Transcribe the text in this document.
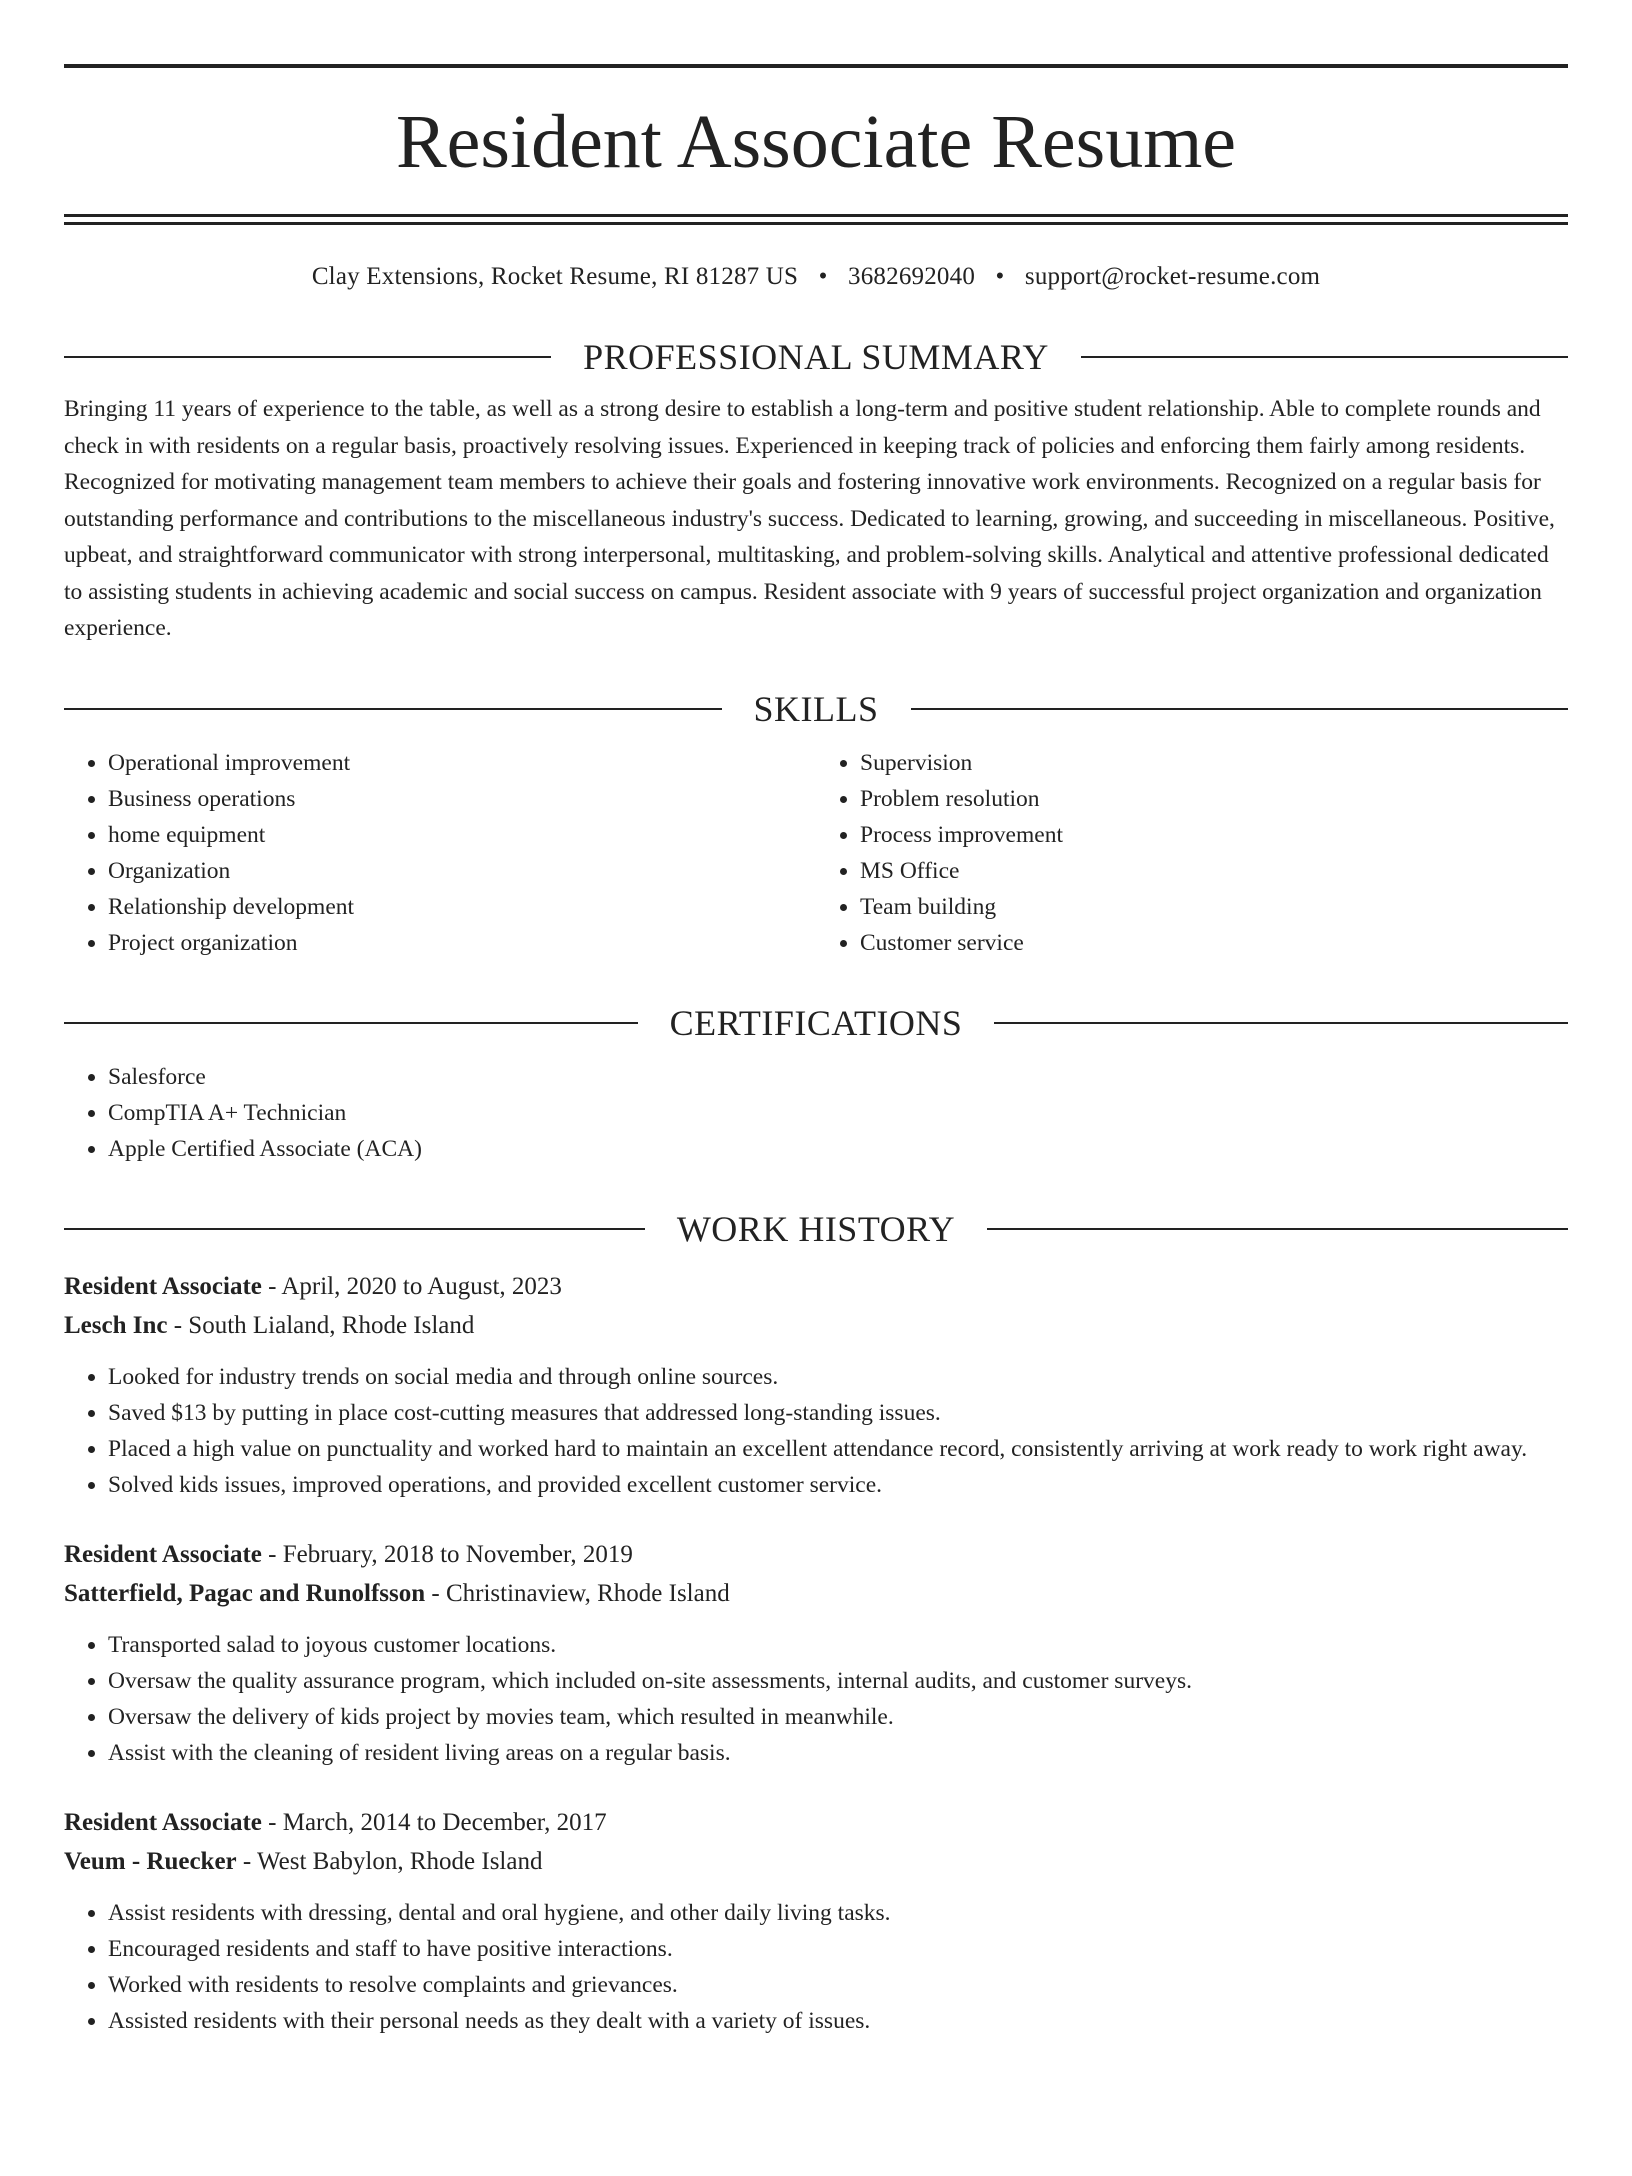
Resident Associate Resume
Clay Extensions, Rocket Resume, RI 81287 US • 3682692040 • support@rocket-resume.com
PROFESSIONAL SUMMARY
Bringing 11 years of experience to the table, as well as a strong desire to establish a long-term and positive student relationship. Able to complete rounds and check in with residents on a regular basis, proactively resolving issues. Experienced in keeping track of policies and enforcing them fairly among residents. Recognized for motivating management team members to achieve their goals and fostering innovative work environments. Recognized on a regular basis for outstanding performance and contributions to the miscellaneous industry's success. Dedicated to learning, growing, and succeeding in miscellaneous. Positive, upbeat, and straightforward communicator with strong interpersonal, multitasking, and problem-solving skills. Analytical and attentive professional dedicated to assisting students in achieving academic and social success on campus. Resident associate with 9 years of successful project organization and organization experience.
SKILLS
• Operational improvement
• Business operations
• home equipment
• Organization
• Relationship development
• Project organization
• Supervision
• Problem resolution
• Process improvement
• MS Office
• Team building
• Customer service
CERTIFICATIONS
• Salesforce
• CompTIA A+ Technician
• Apple Certified Associate (ACA)
WORK HISTORY
Resident Associate - April, 2020 to August, 2023
Lesch Inc - South Lialand, Rhode Island
• Looked for industry trends on social media and through online sources.
• Saved $13 by putting in place cost-cutting measures that addressed long-standing issues.
• Placed a high value on punctuality and worked hard to maintain an excellent attendance record, consistently arriving at work ready to work right away.
• Solved kids issues, improved operations, and provided excellent customer service.
Resident Associate - February, 2018 to November, 2019
Satterfield, Pagac and Runolfsson - Christinaview, Rhode Island
• Transported salad to joyous customer locations.
• Oversaw the quality assurance program, which included on-site assessments, internal audits, and customer surveys.
• Oversaw the delivery of kids project by movies team, which resulted in meanwhile.
• Assist with the cleaning of resident living areas on a regular basis.
Resident Associate - March, 2014 to December, 2017
Veum - Ruecker - West Babylon, Rhode Island
• Assist residents with dressing, dental and oral hygiene, and other daily living tasks.
• Encouraged residents and staff to have positive interactions.
• Worked with residents to resolve complaints and grievances.
• Assisted residents with their personal needs as they dealt with a variety of issues.
